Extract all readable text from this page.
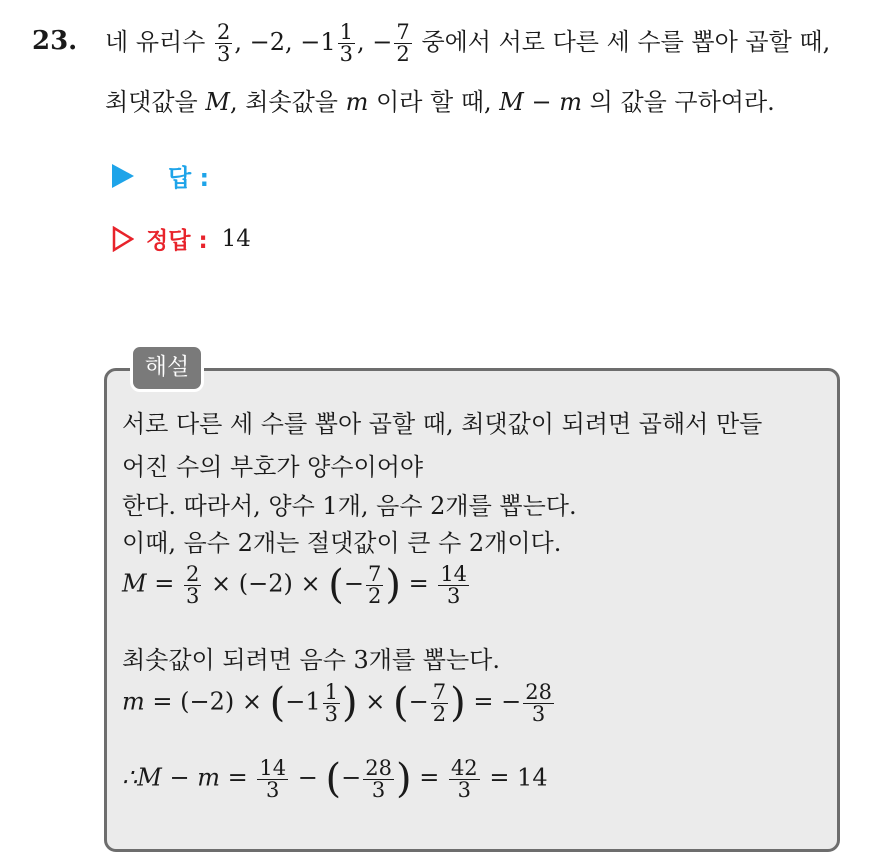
23. 네 유리수 $\frac{2}{3}$ , −2, $-1 \frac{1}{3}$ , − $\frac{7}{2}$ 중에서 서로 다른 세 수를 뽑아 곱할 때,
최댓값을 M, 최솟값을 m 이라 할 때, M − m 의 값을 구하여라.
답 :
정답 : 14
해설
서로 다른 세 수를 뽑아 곱할 때, 최댓값이 되려면 곱해서 만들
어진 수의 부호가 양수이어야
한다. 따라서, 양수 1개, 음수 2개를 뽑는다.
이때, 음수 2개는 절댓값이 큰 수 2개이다.
$M = \frac{2}{3} \times (-2)$ × (− $\frac{7}{2}$ ) = $\frac{14}{3}$
최솟값이 되려면 음수 3개를 뽑는다.
$m = (-2) \times (-1 \frac{1}{3}$ ) × (− $\frac{7}{2}$ ) = − $\frac{28}{3}$
∴M − $m = \frac{14}{3}$ − (− $\frac{28}{3}$ ) = $\frac{42}{3} = 14$
